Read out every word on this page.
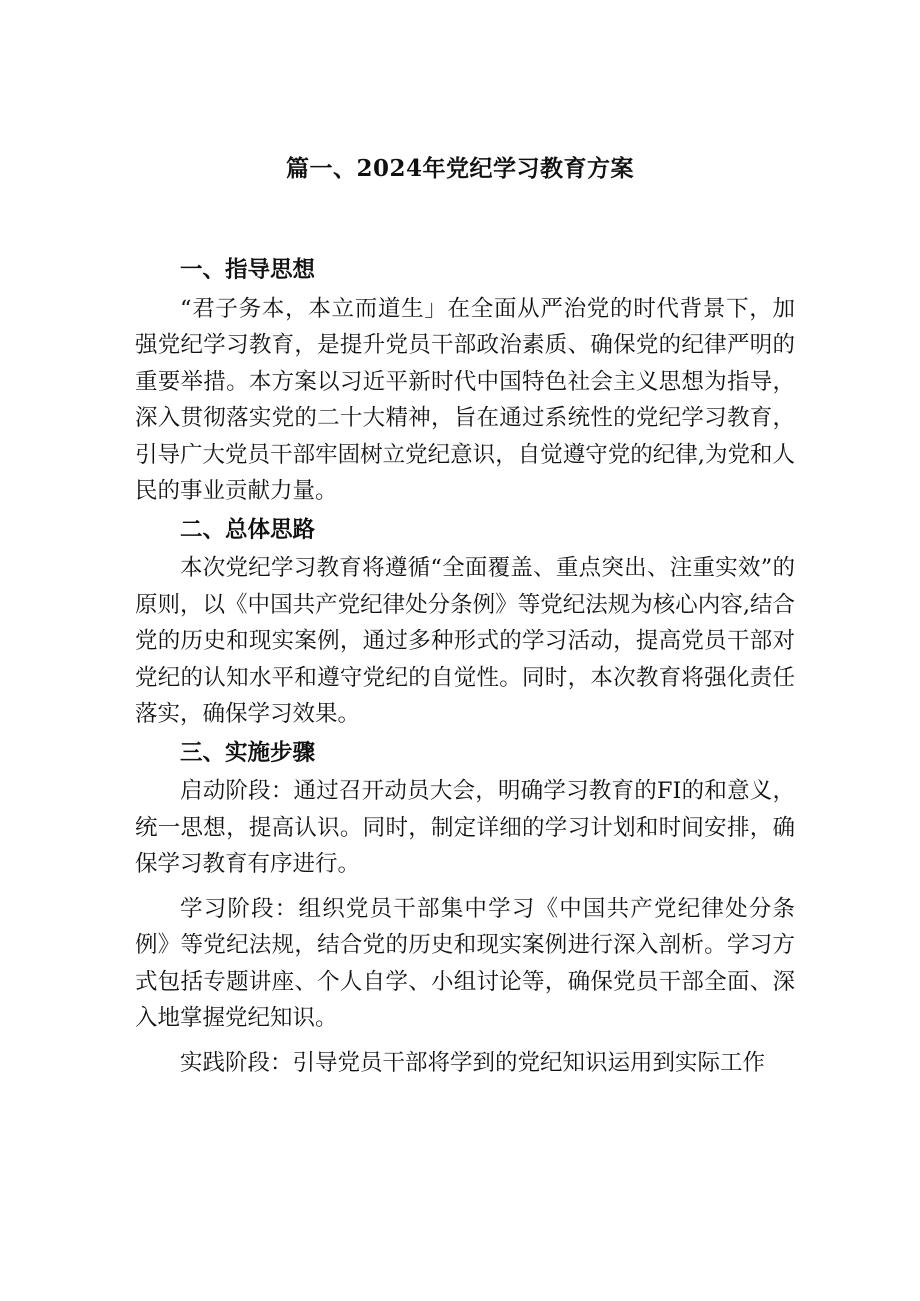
篇一、2024年党纪学习教育方案

一、指导思想

“君子务本，本立而道生」在全面从严治党的时代背景下，加强党纪学习教育，是提升党员干部政治素质、确保党的纪律严明的重要举措。本方案以习近平新时代中国特色社会主义思想为指导，深入贯彻落实党的二十大精神，旨在通过系统性的党纪学习教育，引导广大党员干部牢固树立党纪意识，自觉遵守党的纪律,为党和人民的事业贡献力量。

二、总体思路

本次党纪学习教育将遵循“全面覆盖、重点突出、注重实效”的原则，以《中国共产党纪律处分条例》等党纪法规为核心内容,结合党的历史和现实案例，通过多种形式的学习活动，提高党员干部对党纪的认知水平和遵守党纪的自觉性。同时，本次教育将强化责任落实，确保学习效果。

三、实施步骤

启动阶段：通过召开动员大会，明确学习教育的FI的和意义，统一思想，提高认识。同时，制定详细的学习计划和时间安排，确保学习教育有序进行。

学习阶段：组织党员干部集中学习《中国共产党纪律处分条例》等党纪法规，结合党的历史和现实案例进行深入剖析。学习方式包括专题讲座、个人自学、小组讨论等，确保党员干部全面、深入地掌握党纪知识。

实践阶段：引导党员干部将学到的党纪知识运用到实际工作
